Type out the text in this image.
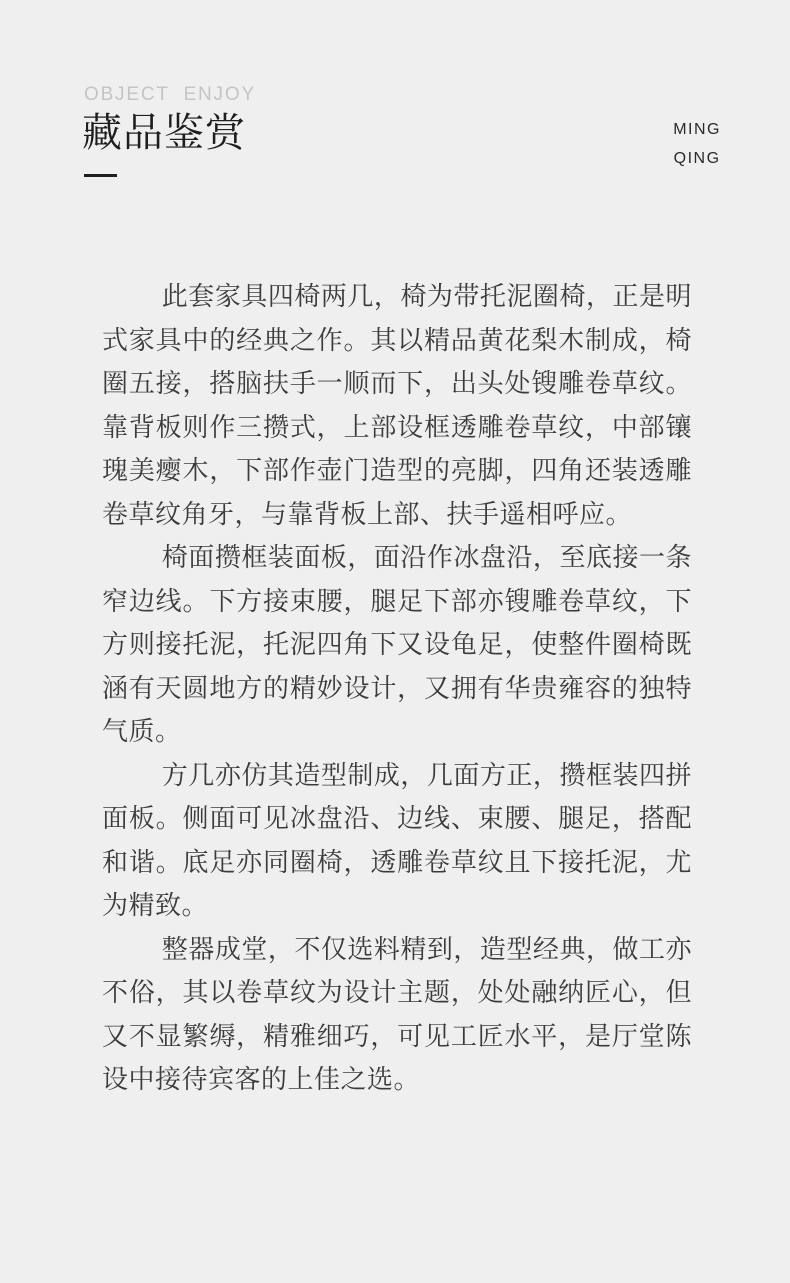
OBJECT  ENJOY
藏品鉴赏	MING
QING

此套家具四椅两几，椅为带托泥圈椅，正是明式家具中的经典之作。其以精品黄花梨木制成，椅圈五接，搭脑扶手一顺而下，出头处锼雕卷草纹。靠背板则作三攒式，上部设框透雕卷草纹，中部镶瑰美瘿木，下部作壶门造型的亮脚，四角还装透雕卷草纹角牙，与靠背板上部、扶手遥相呼应。

椅面攒框装面板，面沿作冰盘沿，至底接一条窄边线。下方接束腰，腿足下部亦锼雕卷草纹，下方则接托泥，托泥四角下又设龟足，使整件圈椅既涵有天圆地方的精妙设计，又拥有华贵雍容的独特气质。

方几亦仿其造型制成，几面方正，攒框装四拼面板。侧面可见冰盘沿、边线、束腰、腿足，搭配和谐。底足亦同圈椅，透雕卷草纹且下接托泥，尤为精致。

整器成堂，不仅选料精到，造型经典，做工亦不俗，其以卷草纹为设计主题，处处融纳匠心，但又不显繁缛，精雅细巧，可见工匠水平，是厅堂陈设中接待宾客的上佳之选。
